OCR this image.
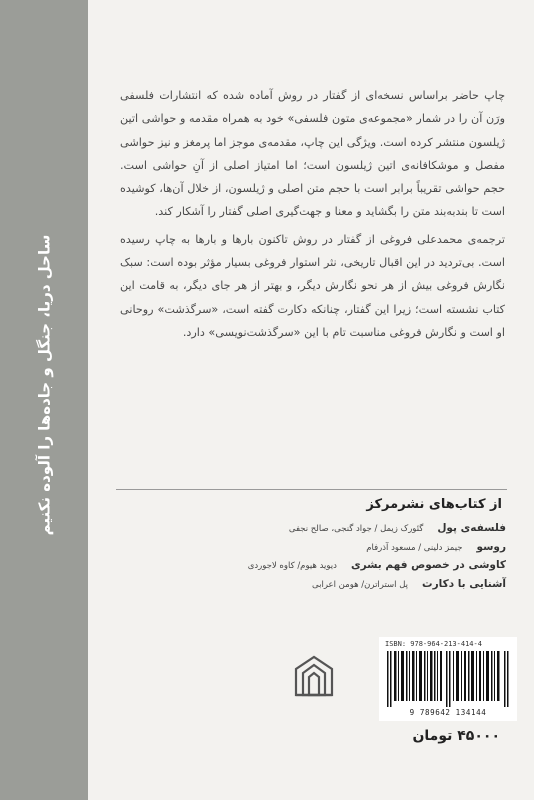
ساحل دریا، جنگل و جاده‌ها را آلوده نکنیم

چاپ حاضر براساس نسخه‌ای از گفتار در روش آماده شده که انتشارات فلسفی ورَن آن را در شمار «مجموعه‌ی متون فلسفی» خود به همراه مقدمه و حواشی اتین ژیلسون منتشر کرده است. ویژگی این چاپ، مقدمه‌ی موجز اما پرمغز و نیز حواشی مفصل و موشکافانه‌ی اتین ژیلسون است؛ اما امتیاز اصلی از آنِ حواشی است. حجم حواشی تقریباً برابر است با حجم متن اصلی و ژیلسون، از خلال آن‌ها، کوشیده است تا بندبه‌بند متن را بگشاید و معنا و جهت‌گیری اصلی گفتار را آشکار کند.

ترجمه‌ی محمدعلی فروغی از گفتار در روش تاکنون بارها و بارها به چاپ رسیده است. بی‌تردید در این اقبال تاریخی، نثر استوار فروغی بسیار مؤثر بوده است: سبک نگارش فروغی بیش از هر نحو نگارش دیگر، و بهتر از هر جای دیگر، به قامت این کتاب نشسته است؛ زیرا این گفتار، چنانکه دکارت گفته است، «سرگذشت» روحانی او است و نگارش فروغی مناسبت تام با این «سرگذشت‌نویسی» دارد.

از کتاب‌های نشرمرکز
فلسفه‌ی پول
گئورک زیمل / جواد گنجی، صالح نجفی
روسو
جیمز دلینی / مسعود آذرفام
کاوشی در خصوص فهم بشری
دیوید هیوم/ کاوه لاجوردی
آشنایی با دکارت
پل استراترن/ هومن اعرابی
ISBN: 978-964-213-414-4
9 789642 134144
۴۵۰۰۰ تومان
